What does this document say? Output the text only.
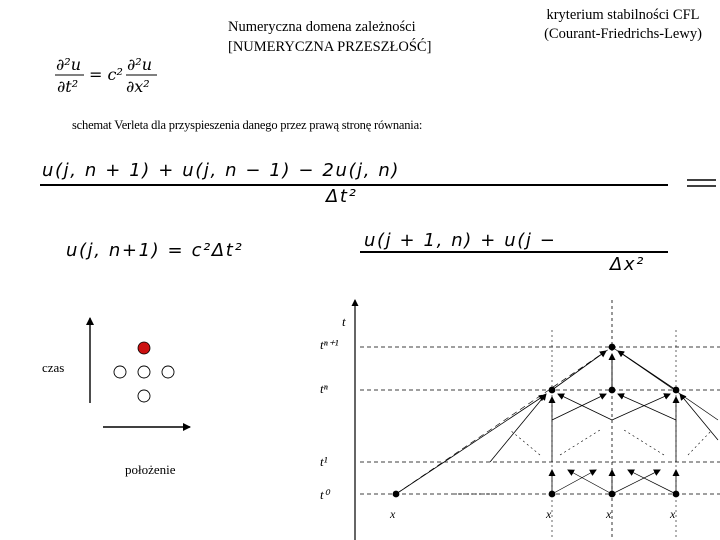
Numeryczna domena zależności
[NUMERYCZNA PRZESZŁOŚĆ]
kryterium stabilności CFL
(Courant-Friedrichs-Lewy)
schemat Verleta dla przyspieszenia danego przez prawą stronę równania:
czas
położenie
∂²u
∂t²
= c²
∂²u
∂x²
u(j, n + 1) + u(j, n − 1) − 2u(j, n)
Δt²
u(j, n+1) = c²Δt²	u(j + 1, n) + u(j −
Δx²
t
tⁿ⁺¹
tⁿ
t¹
t⁰
x	x	x	x
